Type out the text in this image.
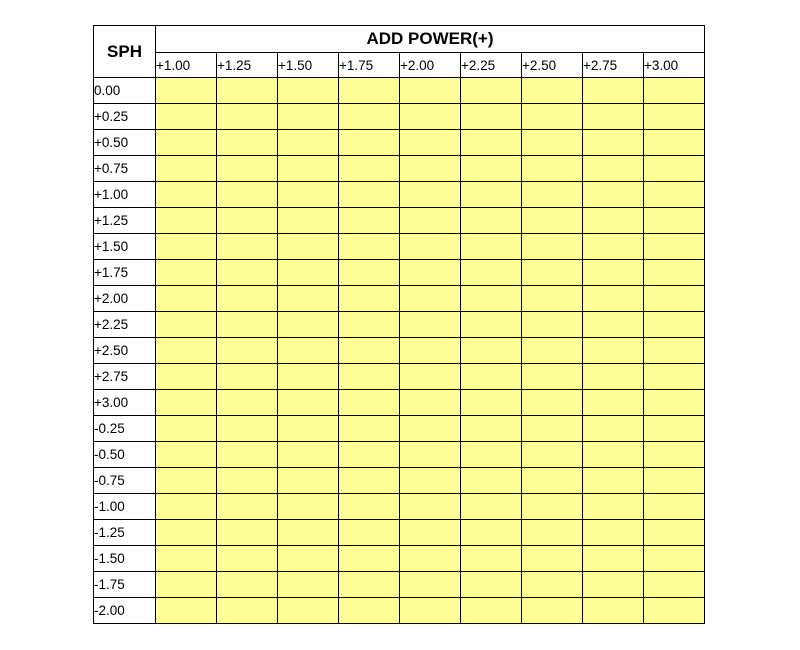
SPH	ADD POWER(+)								
	+1.00	+1.25	+1.50	+1.75	+2.00	+2.25	+2.50	+2.75	+3.00
0.00									
+0.25									
+0.50									
+0.75									
+1.00									
+1.25									
+1.50									
+1.75									
+2.00									
+2.25									
+2.50									
+2.75									
+3.00									
-0.25									
-0.50									
-0.75									
-1.00									
-1.25									
-1.50									
-1.75									
-2.00									
